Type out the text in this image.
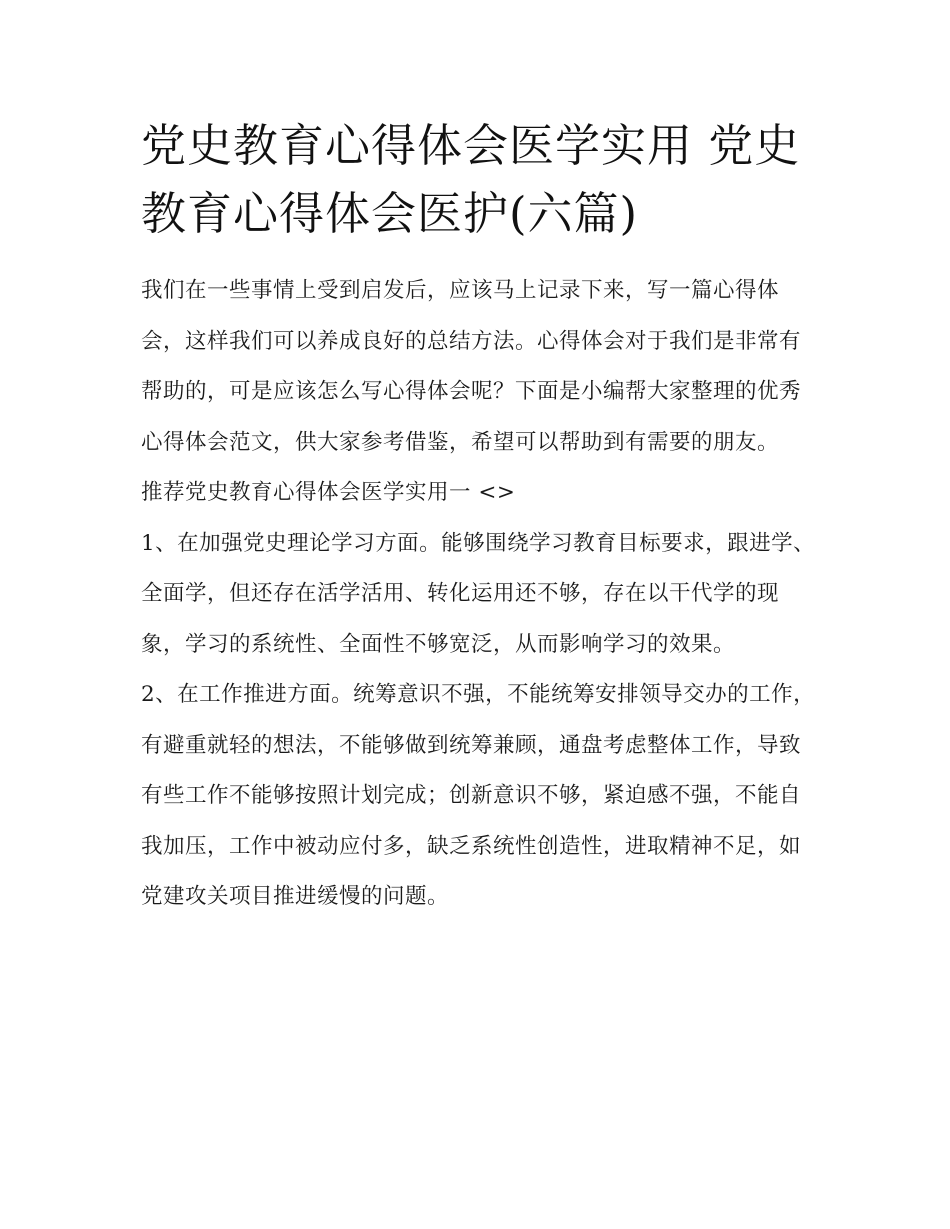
党史教育心得体会医学实用 党史教育心得体会医护(六篇)

我们在一些事情上受到启发后，应该马上记录下来，写一篇心得体会，这样我们可以养成良好的总结方法。心得体会对于我们是非常有帮助的，可是应该怎么写心得体会呢？下面是小编帮大家整理的优秀心得体会范文，供大家参考借鉴，希望可以帮助到有需要的朋友。

推荐党史教育心得体会医学实用一 <>

1、在加强党史理论学习方面。能够围绕学习教育目标要求，跟进学、全面学，但还存在活学活用、转化运用还不够，存在以干代学的现象，学习的系统性、全面性不够宽泛，从而影响学习的效果。

2、在工作推进方面。统筹意识不强，不能统筹安排领导交办的工作，有避重就轻的想法，不能够做到统筹兼顾，通盘考虑整体工作，导致有些工作不能够按照计划完成；创新意识不够，紧迫感不强，不能自我加压，工作中被动应付多，缺乏系统性创造性，进取精神不足，如党建攻关项目推进缓慢的问题。
